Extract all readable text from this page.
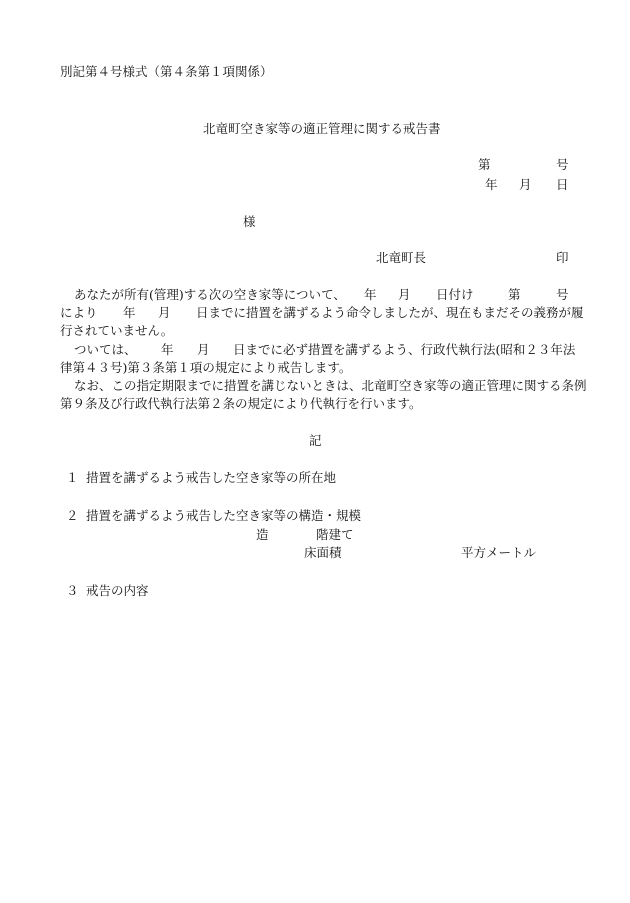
別記第４号様式（第４条第１項関係）
北竜町空き家等の適正管理に関する戒告書
第	号
年 月 日
様
北竜町長	印
あなたが所有(管理)する次の空き家等について、 年 月 日付け	第	号
により 年 月 日までに措置を講ずるよう命令しましたが、現在もまだその義務が履
行されていません。
ついては、 年 月 日までに必ず措置を講ずるよう、行政代執行法(昭和２３年法
律第４３号)第３条第１項の規定により戒告します。
なお、この指定期限までに措置を講じないときは、北竜町空き家等の適正管理に関する条例
第９条及び行政代執行法第２条の規定により代執行を行います。
記
１ 措置を講ずるよう戒告した空き家等の所在地
２ 措置を講ずるよう戒告した空き家等の構造・規模
造	階建て
床面積	平方メートル
３ 戒告の内容
